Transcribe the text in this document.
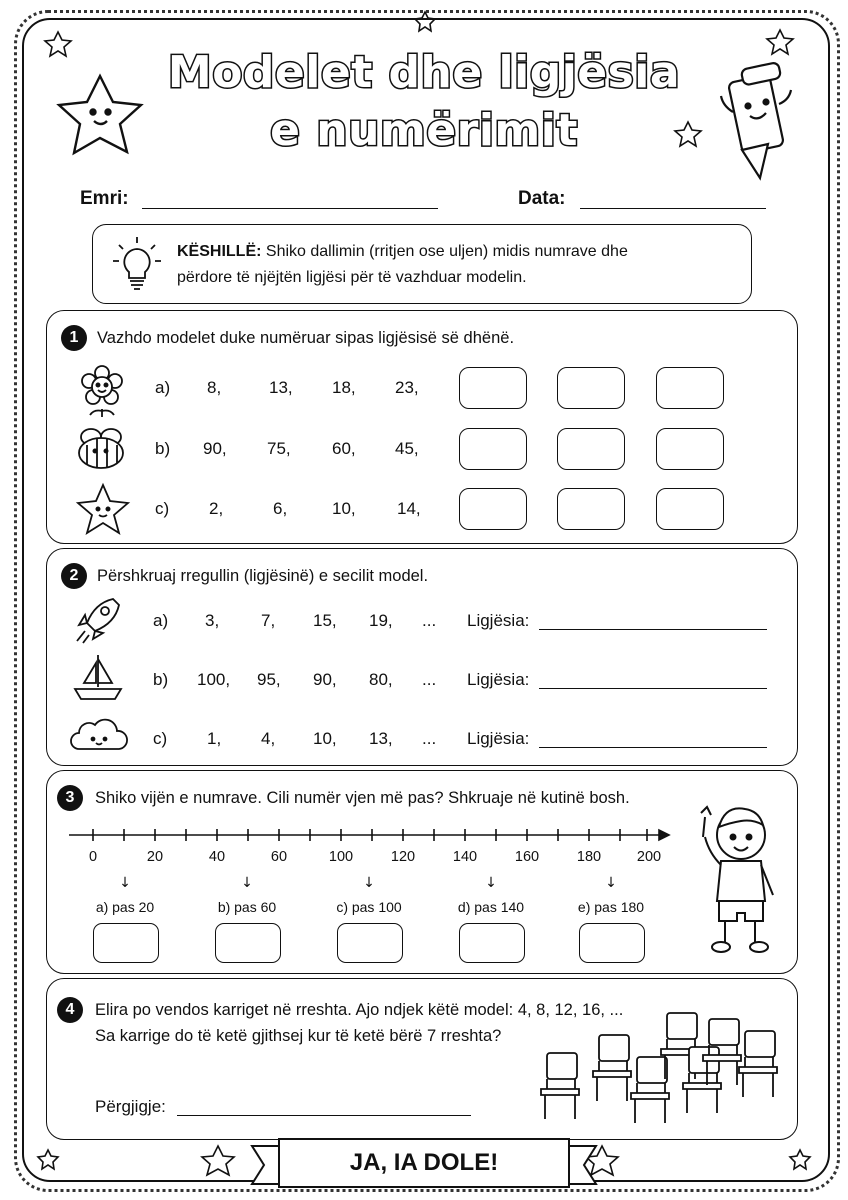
Modelet dhe ligjësia
e numërimit
Emri:	Data:
KËSHILLË: Shiko dallimin (rritjen ose uljen) midis numrave dhe
përdore të njëjtën ligjësi për të vazhduar modelin.
1	Vazhdo modelet duke numëruar sipas ligjësisë së dhënë.
a) 8,	13, 18, 23,
b) 90, 75, 60, 45,
c) 2,	6,	10, 14,
2	Përshkruaj rregullin (ligjësinë) e secilit model.
a) 3, 7, 15, 19, ... Ligjësia:
b) 100, 95, 90, 80, ... Ligjësia:
c) 1, 4, 10, 13, ... Ligjësia:
3	Shiko vijën e numrave. Cili numër vjen më pas? Shkruaje në kutinë bosh.
0	20	40	60	100	120	140	160	180	200
↓	↓	↓	↓	↓
a) pas 20	b) pas 60	c) pas 100	d) pas 140	e) pas 180
4	Elira po vendos karriget në rreshta. Ajo ndjek këtë model: 4, 8, 12, 16, ...
Sa karrige do të ketë gjithsej kur të ketë bërë 7 rreshta?
Përgjigje:
JA, IA DOLE!
